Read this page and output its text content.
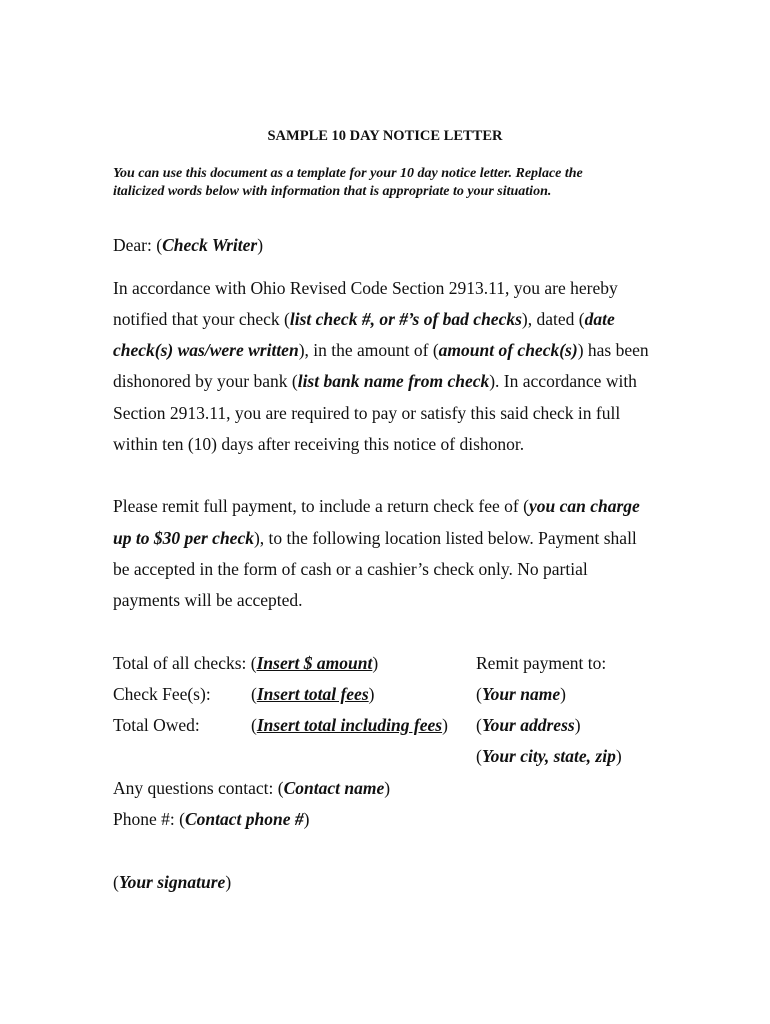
SAMPLE 10 DAY NOTICE LETTER
You can use this document as a template for your 10 day notice letter. Replace the
italicized words below with information that is appropriate to your situation.
Dear: (Check Writer)
In accordance with Ohio Revised Code Section 2913.11, you are hereby
notified that your check (list check #, or #’s of bad checks), dated (date
check(s) was/were written), in the amount of (amount of check(s)) has been
dishonored by your bank (list bank name from check). In accordance with
Section 2913.11, you are required to pay or satisfy this said check in full
within ten (10) days after receiving this notice of dishonor.
Please remit full payment, to include a return check fee of (you can charge
up to $30 per check), to the following location listed below. Payment shall
be accepted in the form of cash or a cashier’s check only. No partial
payments will be accepted.
Total of all checks: (Insert $ amount)
Check Fee(s): (Insert total fees)
Total Owed:	(Insert total including fees)
Remit payment to:
(Your name)
(Your address)
(Your city, state, zip)
Any questions contact: (Contact name)
Phone #: (Contact phone #)
(Your signature)
